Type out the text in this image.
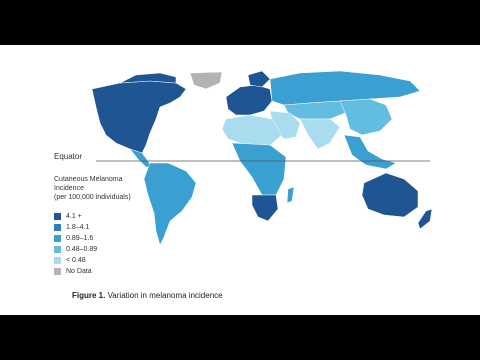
Equator
Cutaneous Melanoma
Incidence
(per 100,000 individuals)
4.1 +
1.8–4.1
0.89–1.6
0.48–0.89
< 0.48
No Data
Figure 1. Variation in melanoma incidence
